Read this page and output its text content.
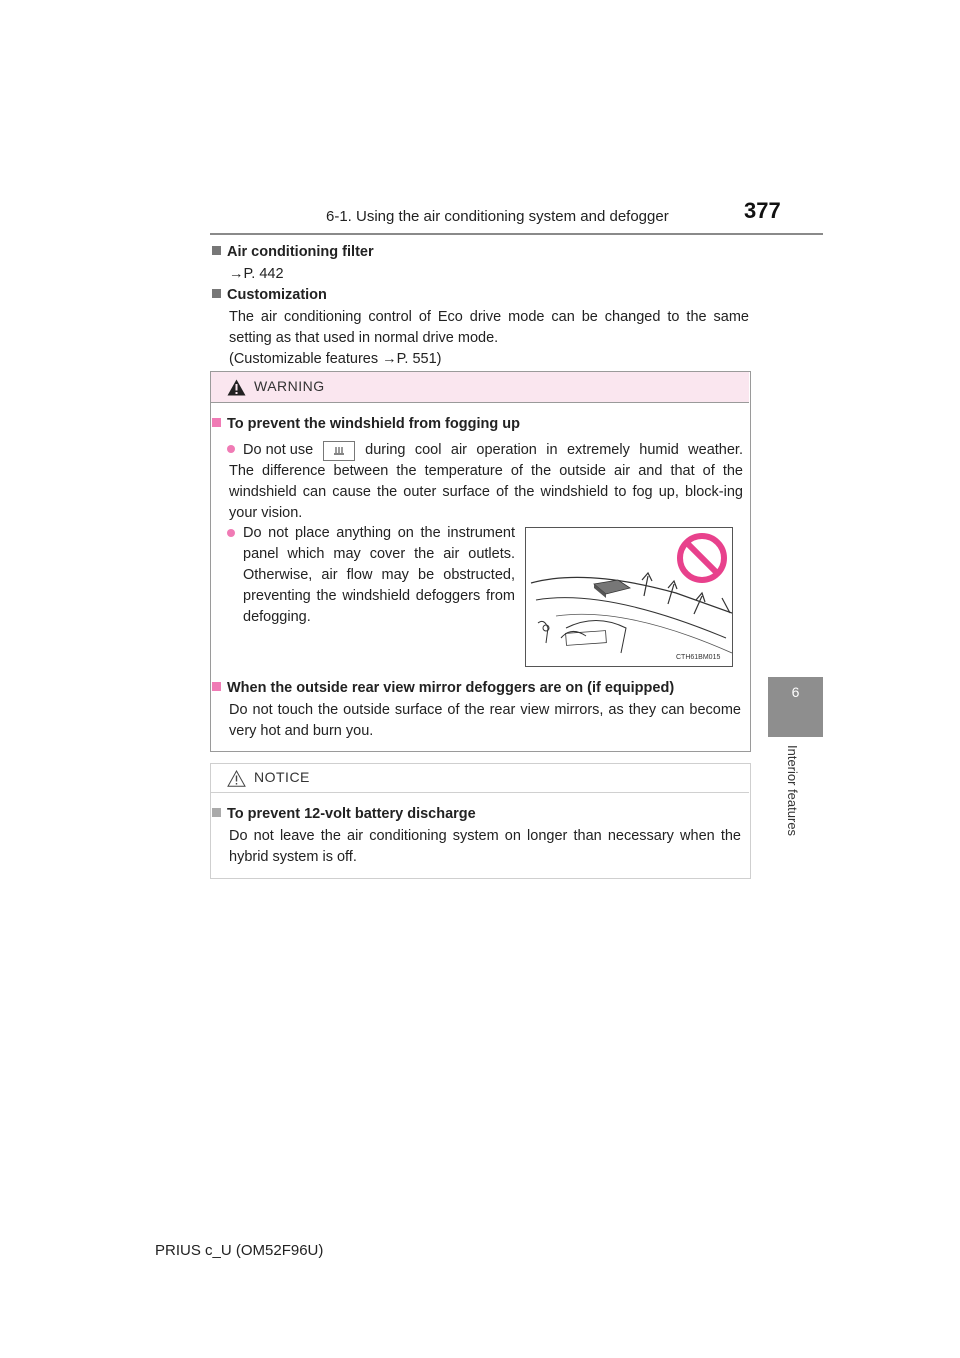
6-1. Using the air conditioning system and defogger	377
6
Interior features
Air conditioning filter
→P. 442
Customization
The air conditioning control of Eco drive mode can be changed to the same
setting as that used in normal drive mode.
(Customizable features →P. 551)
WARNING
To prevent the windshield from fogging up
Do not use	during cool air operation in extremely humid weather.
The difference between the temperature of the outside air and that of the windshield can cause the outer surface of the windshield to fog up, block-ing your vision.
Do not place anything on the instrument panel which may cover the air outlets. Otherwise, air flow may be obstructed, preventing the windshield defoggers from defogging.
CTH61BM015
When the outside rear view mirror defoggers are on (if equipped)
Do not touch the outside surface of the rear view mirrors, as they can become very hot and burn you.
NOTICE
To prevent 12-volt battery discharge
Do not leave the air conditioning system on longer than necessary when the hybrid system is off.
PRIUS c_U (OM52F96U)
